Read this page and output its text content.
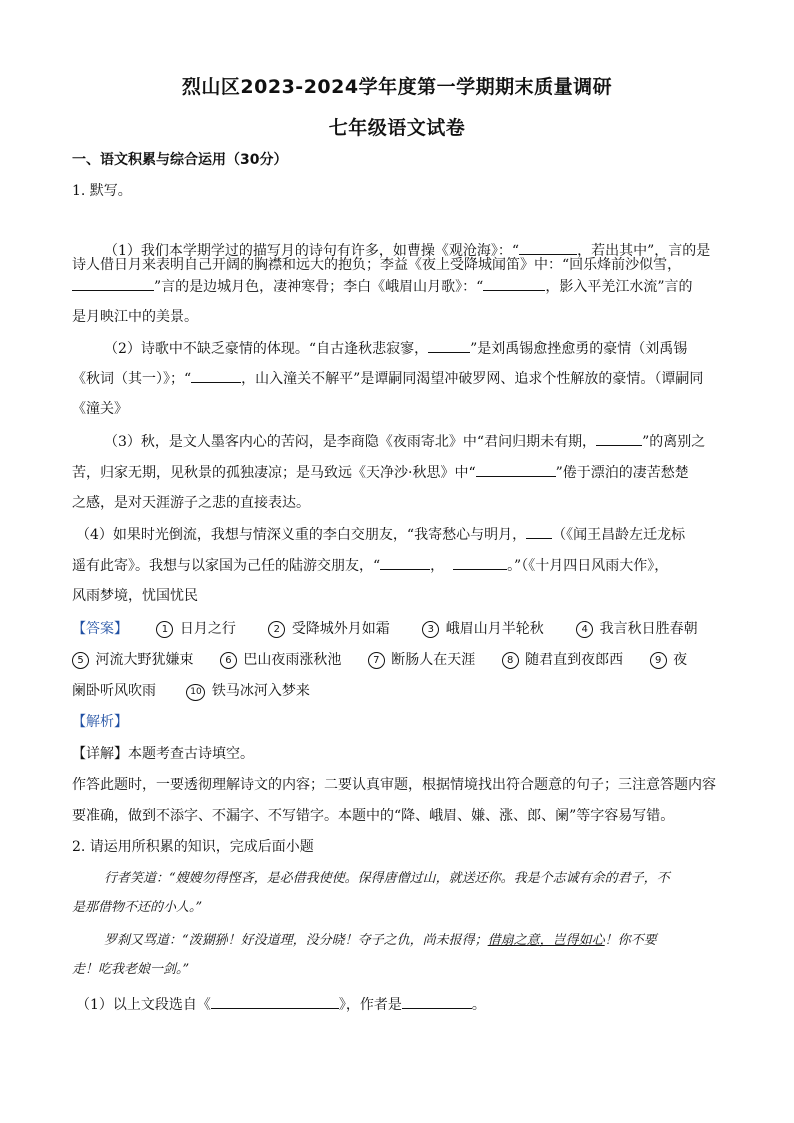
烈山区2023-2024学年度第一学期期末质量调研
七年级语文试卷
一、语文积累与综合运用（30分）
1. 默写。
（1）我们本学期学过的描写月的诗句有许多，如曹操《观沧海》：“	，若出其中”，言的是
诗人借日月来表明自己开阔的胸襟和远大的抱负；李益《夜上受降城闻笛》中：“回乐烽前沙似雪，
”言的是边城月色，凄神寒骨；李白《峨眉山月歌》：“	，影入平羌江水流”言的
是月映江中的美景。
（2）诗歌中不缺乏豪情的体现。“自古逢秋悲寂寥，	”是刘禹锡愈挫愈勇的豪情（刘禹锡
《秋词（其一）》；“	，山入潼关不解平”是谭嗣同渴望冲破罗网、追求个性解放的豪情。（谭嗣同
《潼关》
（3）秋，是文人墨客内心的苦闷，是李商隐《夜雨寄北》中“君问归期未有期，	”的离别之
苦，归家无期，见秋景的孤独凄凉；是马致远《天净沙·秋思》中“	”倦于漂泊的凄苦愁楚
之感，是对天涯游子之悲的直接表达。
（4）如果时光倒流，我想与情深义重的李白交朋友，“我寄愁心与明月， （《闻王昌龄左迁龙标
遥有此寄》。我想与以家国为己任的陆游交朋友，“	，	。”（《十月四日风雨大作》，
风雨梦境，忧国忧民
【答案】	1 日月之行	2 受降城外月如霜	3 峨眉山月半轮秋	4 我言秋日胜春朝
5 河流大野犹嫌束	6 巴山夜雨涨秋池	7 断肠人在天涯	8 随君直到夜郎西	9 夜
阑卧听风吹雨	10 铁马冰河入梦来
【解析】
【详解】本题考查古诗填空。
作答此题时，一要透彻理解诗文的内容；二要认真审题，根据情境找出符合题意的句子；三注意答题内容
要准确，做到不添字、不漏字、不写错字。本题中的“降、峨眉、嫌、涨、郎、阑”等字容易写错。
2. 请运用所积累的知识，完成后面小题
行者笑道：“嫂嫂勿得悭吝，是必借我使使。保得唐僧过山，就送还你。我是个志诚有余的君子，不
是那借物不还的小人。”
罗刹又骂道：“泼猢狲！好没道理，没分晓！夺子之仇，尚未报得；借扇之意，岂得如心！你不要
走！吃我老娘一剑。”
（1）以上文段选自《	》，作者是	。
